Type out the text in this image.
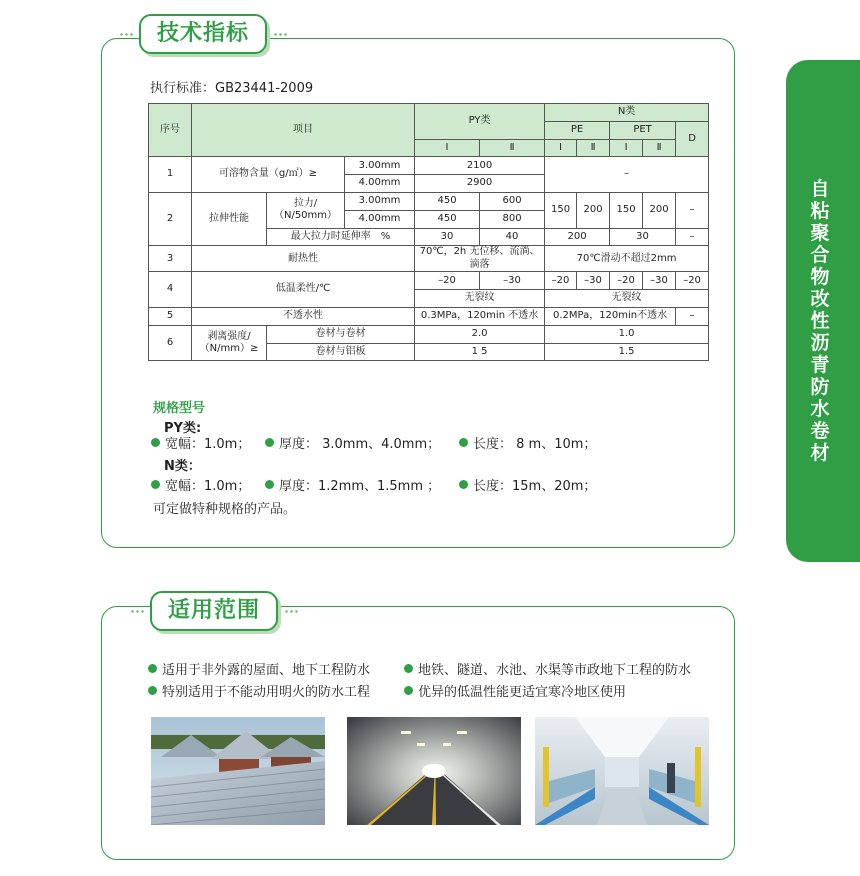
技术指标
执行标准：GB23441-2009
序号	项目			PY类		N类				
						PE		PET		D
				I	Ⅱ	I	Ⅱ	I	Ⅱ	
1	可溶物含量（g/㎡）≥		3.00mm	2100		–				
			4.00mm	2900						
2	拉伸性能	拉力/（N/50mm）	3.00mm	450	600	150	200	150	200	–
			4.00mm	450	800					
		最大拉力时延伸率　%		30	40	200		30		–
3	耐热性			70℃，2h 无位移、流淌、滴落		70℃滑动不超过2mm				
4	低温柔性/℃			–20	–30	–20	–30	–20	–30	–20
				无裂纹		无裂纹				
5	不透水性			0.3MPa，120min 不透水		0.2MPa，120min不透水				–
6	剥离强度/（N/mm）≥	卷材与卷材		2.0		1.0				
		卷材与铝板		1 5		1.5				
规格型号
PY类:
宽幅：1.0m；	厚度： 3.0mm、4.0mm；	长度： 8 m、10m；
N类：
宽幅：1.0m；	厚度：1.2mm、1.5mm ；	长度：15m、20m；
可定做特种规格的产品。
自粘聚合物改性沥青防水卷材
适用范围
适用于非外露的屋面、地下工程防水	地铁、隧道、水池、水渠等市政地下工程的防水
特别适用于不能动用明火的防水工程	优异的低温性能更适宜寒冷地区使用
